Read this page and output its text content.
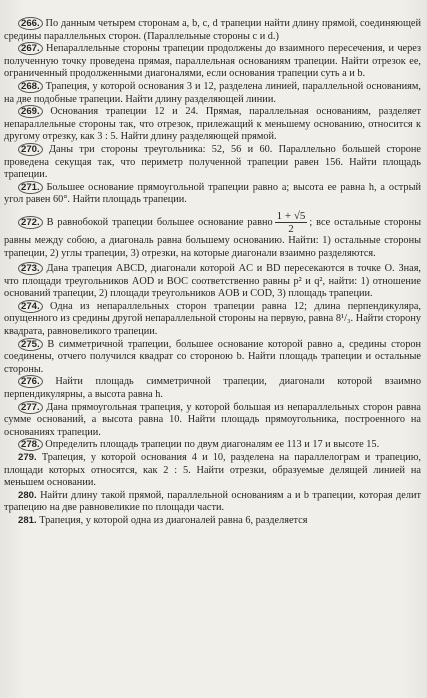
266. По данным четырем сторонам a, b, c, d трапеции найти длину прямой, соединяющей средины параллельных сторон. (Параллельные стороны c и d.)

267. Непараллельные стороны трапеции продолжены до взаимного пересечения, и через полученную точку проведена прямая, параллельная основаниям трапеции. Найти отрезок ее, ограниченный продолженными диагоналями, если основания трапеции суть a и b.

268. Трапеция, у которой основания 3 и 12, разделена линией, параллельной основаниям, на две подобные трапеции. Найти длину разделяющей линии.

269. Основания трапеции 12 и 24. Прямая, параллельная основаниям, разделяет непараллельные стороны так, что отрезок, прилежащий к меньшему основанию, относится к другому отрезку, как 3 : 5. Найти длину разделяющей прямой.

270. Даны три стороны треугольника: 52, 56 и 60. Параллельно большей стороне проведена секущая так, что периметр полученной трапеции равен 156. Найти площадь трапеции.

271. Большее основание прямоугольной трапеции равно a; высота ее равна h, а острый угол равен 60°. Найти площадь трапеции.

272. В равнобокой трапеции большее основание равно $\frac{1 + √5}{2}$ ; все остальные стороны равны между собою, а диагональ равна большему основанию. Найти: 1) остальные стороны трапеции, 2) углы трапеции, 3) отрезки, на которые диагонали взаимно разделяются.

273. Дана трапеция ABCD, диагонали которой AC и BD пересекаются в точке O. Зная, что площади треугольников AOD и BOC соответственно равны p² и q², найти: 1) отношение оснований трапеции, 2) площади треугольников AOB и COD, 3) площадь трапеции.

274. Одна из непараллельных сторон трапеции равна 12; длина перпендикуляра, опущенного из средины другой непараллельной стороны на первую, равна 8¹/₃. Найти сторону квадрата, равновеликого трапеции.

275. В симметричной трапеции, большее основание которой равно a, средины сторон соединены, отчего получился квадрат со стороною b. Найти площадь трапеции и остальные стороны.

276. Найти площадь симметричной трапеции, диагонали которой взаимно перпендикулярны, а высота равна h.

277. Дана прямоугольная трапеция, у которой большая из непараллельных сторон равна сумме оснований, а высота равна 10. Найти площадь прямоугольника, построенного на основаниях трапеции.

278. Определить площадь трапеции по двум диагоналям ее 113 и 17 и высоте 15.

279. Трапеция, у которой основания 4 и 10, разделена на параллелограм и трапецию, площади которых относятся, как 2 : 5. Найти отрезки, образуемые делящей линией на меньшем основании.

280. Найти длину такой прямой, параллельной основаниям a и b трапеции, которая делит трапецию на две равновеликие по площади части.

281. Трапеция, у которой одна из диагоналей равна 6, разделяется
